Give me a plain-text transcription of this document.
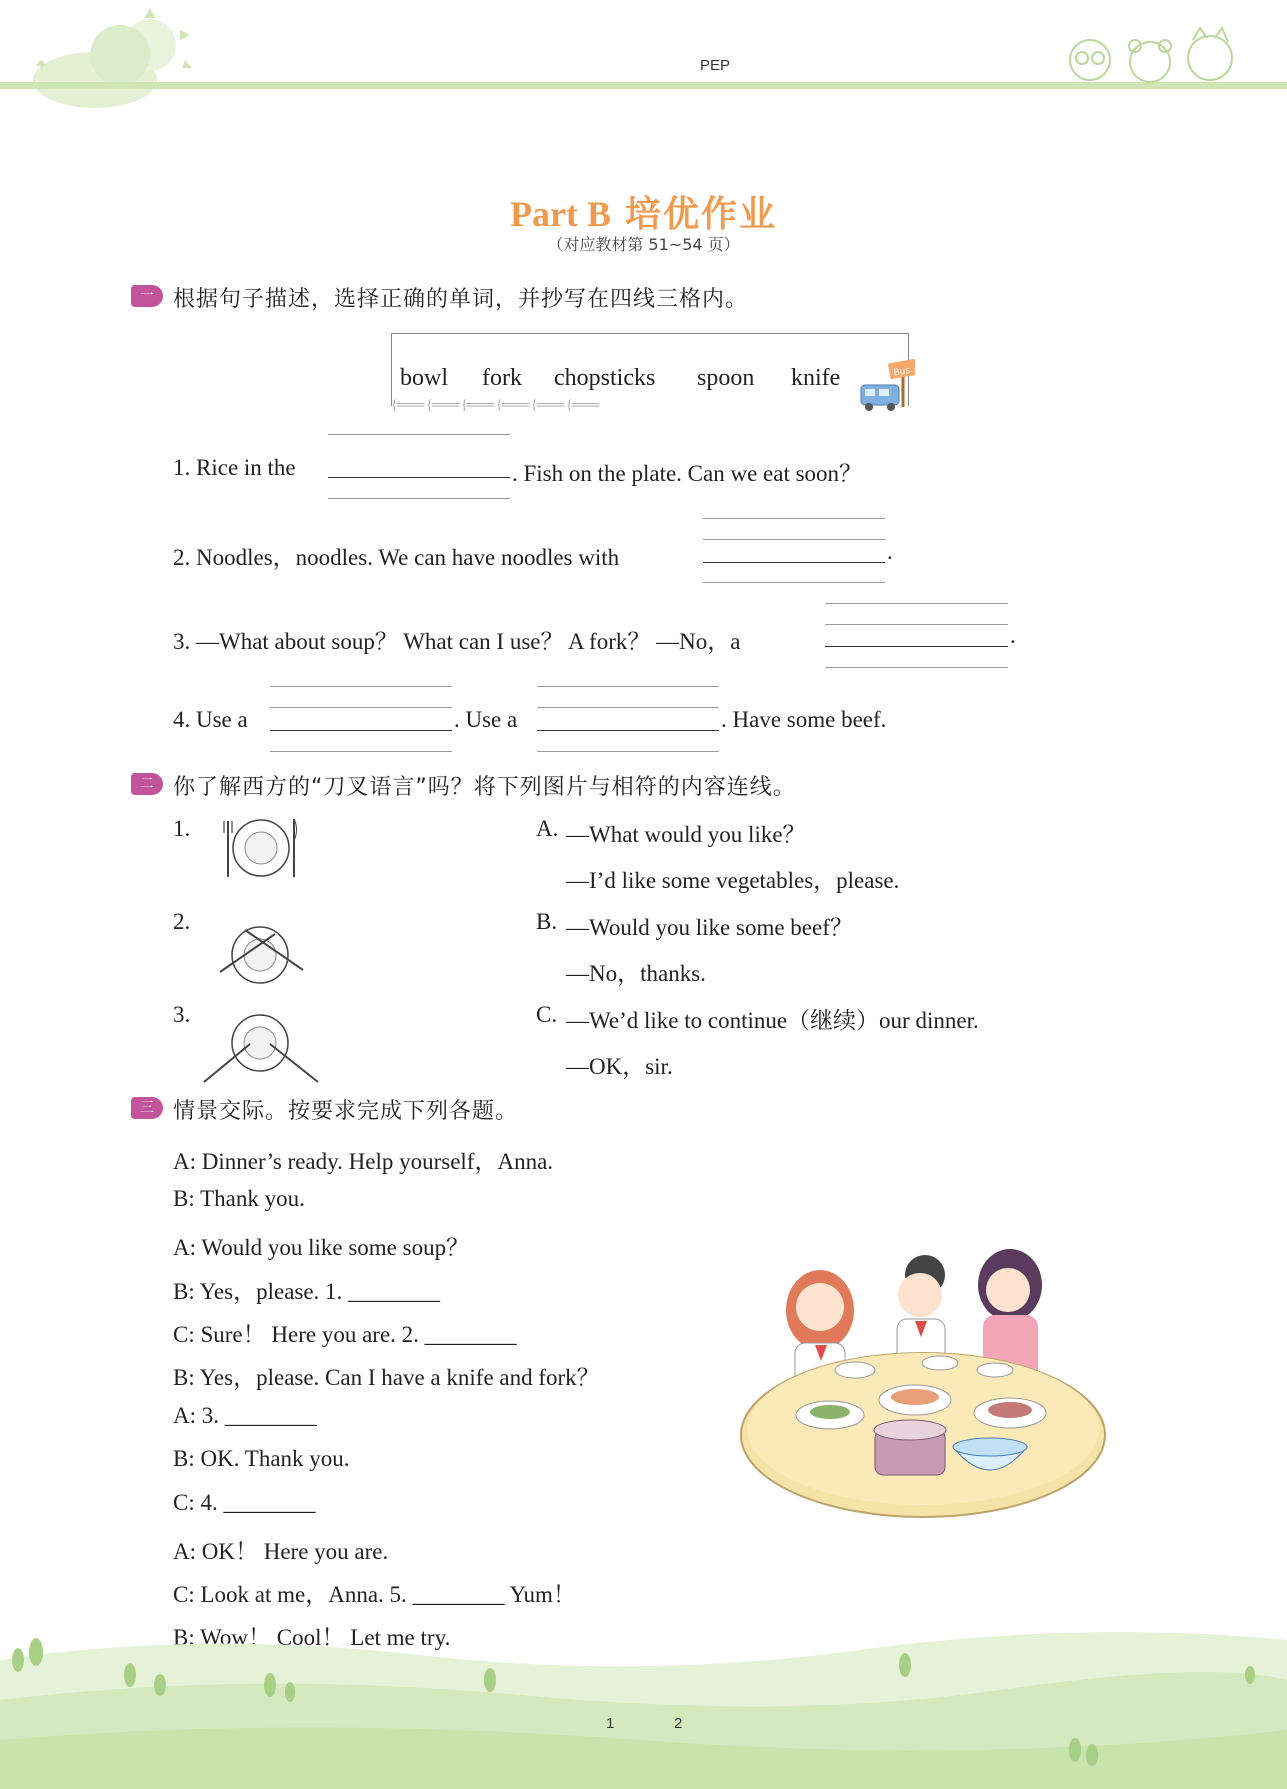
✦	PEP
Part B 培优作业
（对应教材第 51~54 页）
一 根据句子描述，选择正确的单词，并抄写在四线三格内。
bowl fork chopsticks spoon knife
{═══ {═══ {═══ {═══ {═══ {═══
Bus
1. Rice in the	. Fish on the plate. Can we eat soon？
2. Noodles，noodles. We can have noodles with	.
3. —What about soup？ What can I use？ A fork？ —No，a	.
4. Use a	. Use a	. Have some beef.
二 你了解西方的“刀叉语言”吗？将下列图片与相符的内容连线。
1.
2.
3.
A. —What would you like？
—I’d like some vegetables，please.
B. —Would you like some beef？
—No，thanks.
C. —We’d like to continue（继续）our dinner.
—OK，sir.
三 情景交际。按要求完成下列各题。
A: Dinner’s ready. Help yourself，Anna.
B: Thank you.
A: Would you like some soup？
B: Yes，please. 1. ________
C: Sure！ Here you are. 2. ________
B: Yes，please. Can I have a knife and fork？
A: 3. ________
B: OK. Thank you.
C: 4. ________
A: OK！ Here you are.
C: Look at me，Anna. 5. ________ Yum！
B: Wow！ Cool！ Let me try.
1	2
